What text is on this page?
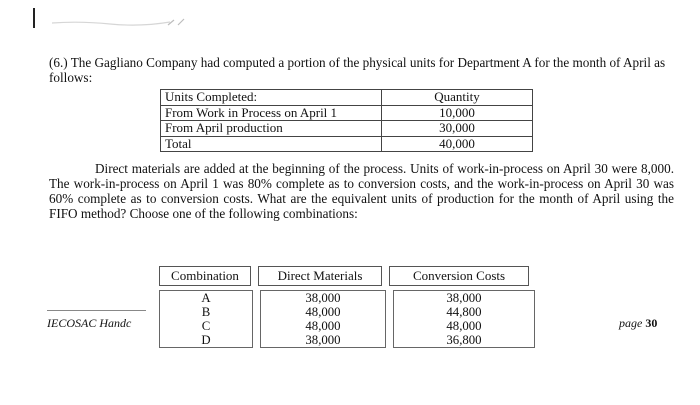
(6.) The Gagliano Company had computed a portion of the physical units for Department A for the month of April as follows:

Units Completed:	Quantity
From Work in Process on April 1	10,000
From April production	30,000
Total	40,000

Direct materials are added at the beginning of the process. Units of work-in-process on April 30 were 8,000. The work-in-process on April 1 was 80% complete as to conversion costs, and the work-in-process on April 30 was 60% complete as to conversion costs. What are the equivalent units of production for the month of April using the FIFO method? Choose one of the following combinations:

Combination	Direct Materials	Conversion Costs
A	38,000	38,000
B	48,000	44,800
C	48,000	48,000
D	38,000	36,800
IECOSAC Handc	page 30
